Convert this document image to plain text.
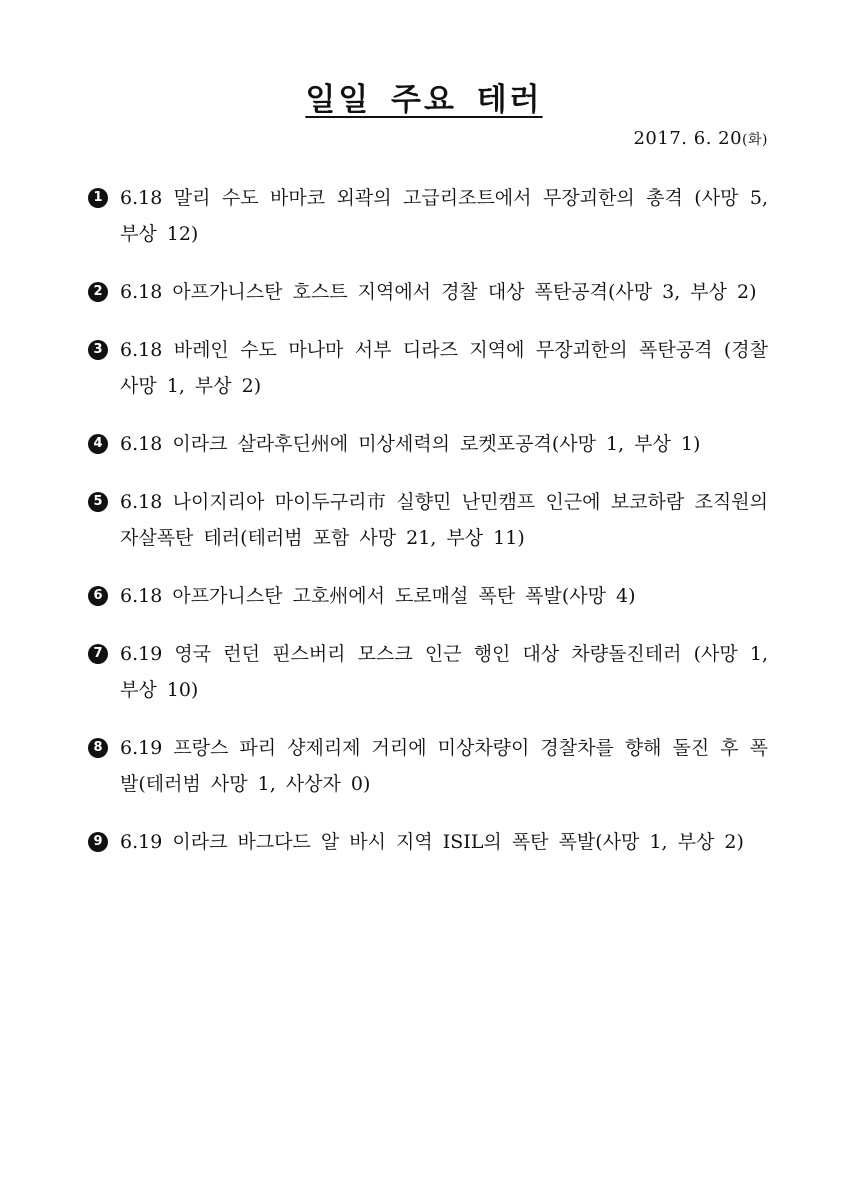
일일 주요 테러
2017. 6. 20(화)
1 6.18 말리 수도 바마코 외곽의 고급리조트에서 무장괴한의 총격 (사망 5, 부상 12)
2 6.18 아프가니스탄 호스트 지역에서 경찰 대상 폭탄공격(사망 3, 부상 2)
3 6.18 바레인 수도 마나마 서부 디라즈 지역에 무장괴한의 폭탄공격 (경찰 사망 1, 부상 2)
4 6.18 이라크 살라후딘州에 미상세력의 로켓포공격(사망 1, 부상 1)
5 6.18 나이지리아 마이두구리市 실향민 난민캠프 인근에 보코하람 조직원의 자살폭탄 테러(테러범 포함 사망 21, 부상 11)
6 6.18 아프가니스탄 고호州에서 도로매설 폭탄 폭발(사망 4)
7 6.19 영국 런던 핀스버리 모스크 인근 행인 대상 차량돌진테러 (사망 1, 부상 10)
8 6.19 프랑스 파리 샹제리제 거리에 미상차량이 경찰차를 향해 돌진 후 폭발(테러범 사망 1, 사상자 0)
9 6.19 이라크 바그다드 알 바시 지역 ISIL의 폭탄 폭발(사망 1, 부상 2)
